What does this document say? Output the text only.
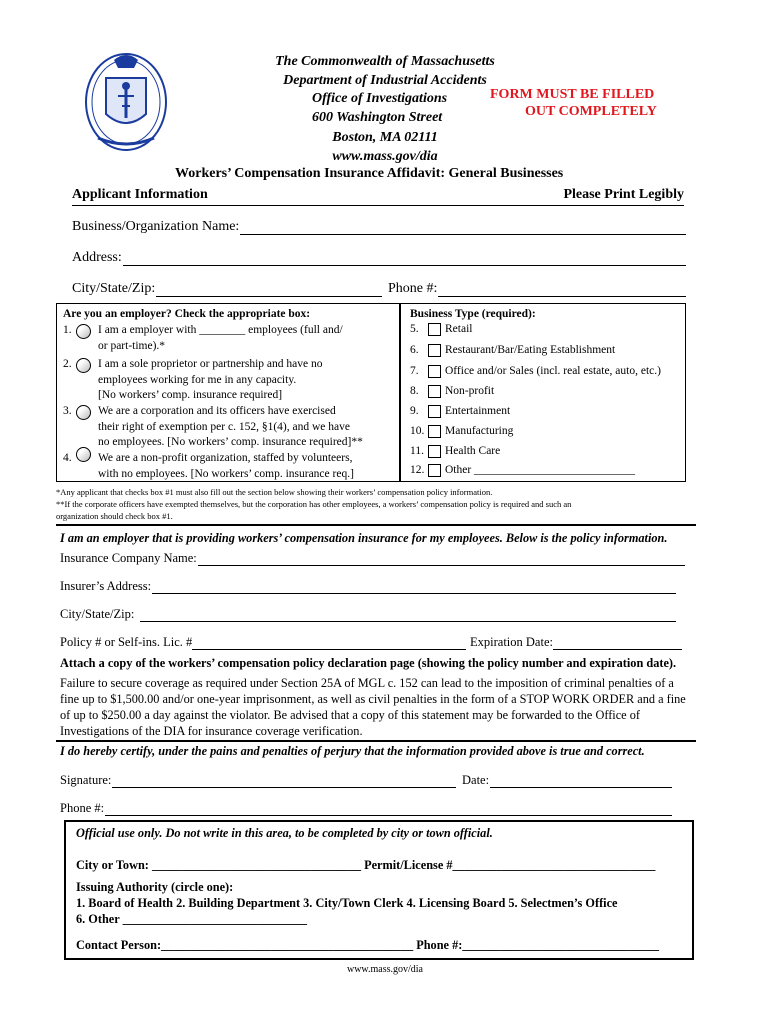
The Commonwealth of Massachusetts
Department of Industrial Accidents
Office of Investigations
600 Washington Street
Boston, MA 02111
www.mass.gov/dia
FORM MUST BE FILLED
OUT COMPLETELY
Workers’ Compensation Insurance Affidavit: General Businesses
Applicant Information	Please Print Legibly
Business/Organization Name:
Address:
City/State/Zip:	Phone #:
Are you an employer? Check the appropriate box:
1. I am a employer with ________ employees (full and/
or part-time).*
2. I am a sole proprietor or partnership and have no
employees working for me in any capacity.
[No workers’ comp. insurance required]
3. We are a corporation and its officers have exercised
their right of exemption per c. 152, §1(4), and we have
no employees. [No workers’ comp. insurance required]**
4. We are a non-profit organization, staffed by volunteers,
with no employees. [No workers’ comp. insurance req.]
Business Type (required):
5. Retail
6. Restaurant/Bar/Eating Establishment
7. Office and/or Sales (incl. real estate, auto, etc.)
8. Non-profit
9. Entertainment
10. Manufacturing
11. Health Care
12. Other ____________________________
*Any applicant that checks box #1 must also fill out the section below showing their workers’ compensation policy information.
**If the corporate officers have exempted themselves, but the corporation has other employees, a workers’ compensation policy is required and such an
organization should check box #1.
I am an employer that is providing workers’ compensation insurance for my employees. Below is the policy information.
Insurance Company Name:
Insurer’s Address:
City/State/Zip:
Policy # or Self-ins. Lic. #	Expiration Date:
Attach a copy of the workers’ compensation policy declaration page (showing the policy number and expiration date).
Failure to secure coverage as required under Section 25A of MGL c. 152 can lead to the imposition of criminal penalties of a
fine up to $1,500.00 and/or one-year imprisonment, as well as civil penalties in the form of a STOP WORK ORDER and a fine
of up to $250.00 a day against the violator. Be advised that a copy of this statement may be forwarded to the Office of
Investigations of the DIA for insurance coverage verification.
I do hereby certify, under the pains and penalties of perjury that the information provided above is true and correct.
Signature:	Date:
Phone #:
Official use only. Do not write in this area, to be completed by city or town official.
City or Town: __________________________________ Permit/License #_________________________________
Issuing Authority (circle one):
1. Board of Health 2. Building Department 3. City/Town Clerk 4. Licensing Board 5. Selectmen’s Office
6. Other ______________________________
Contact Person:_________________________________________ Phone #:________________________________
www.mass.gov/dia
